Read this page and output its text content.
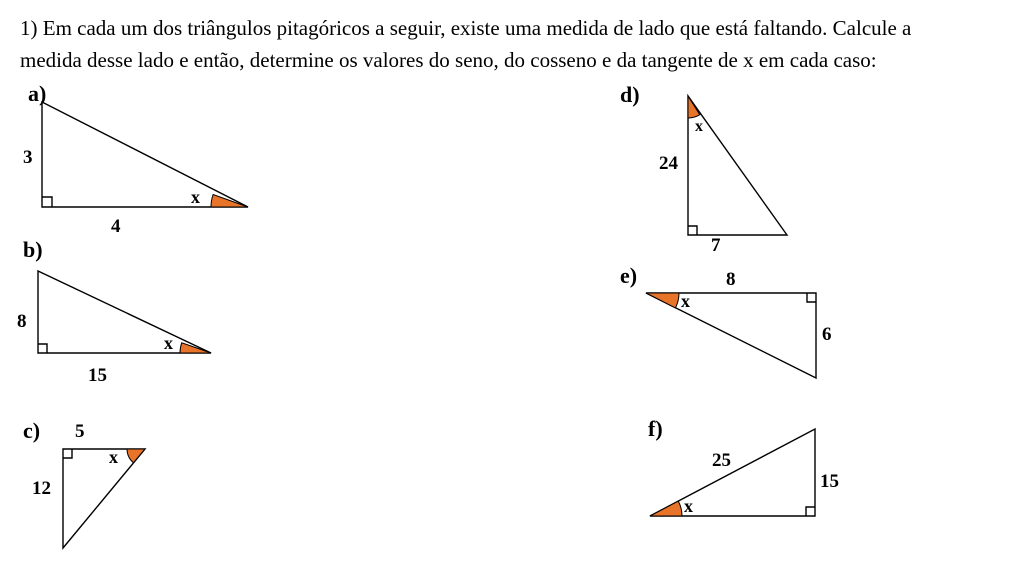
1) Em cada um dos triângulos pitagóricos a seguir, existe uma medida de lado que está faltando. Calcule a
medida desse lado e então, determine os valores do seno, do cosseno e da tangente de x em cada caso:
a)
3
4
x
b)
8
15
x
c) 5
12
x
d)
24
7
x
e)	8
6
x
f)
25
15
x
